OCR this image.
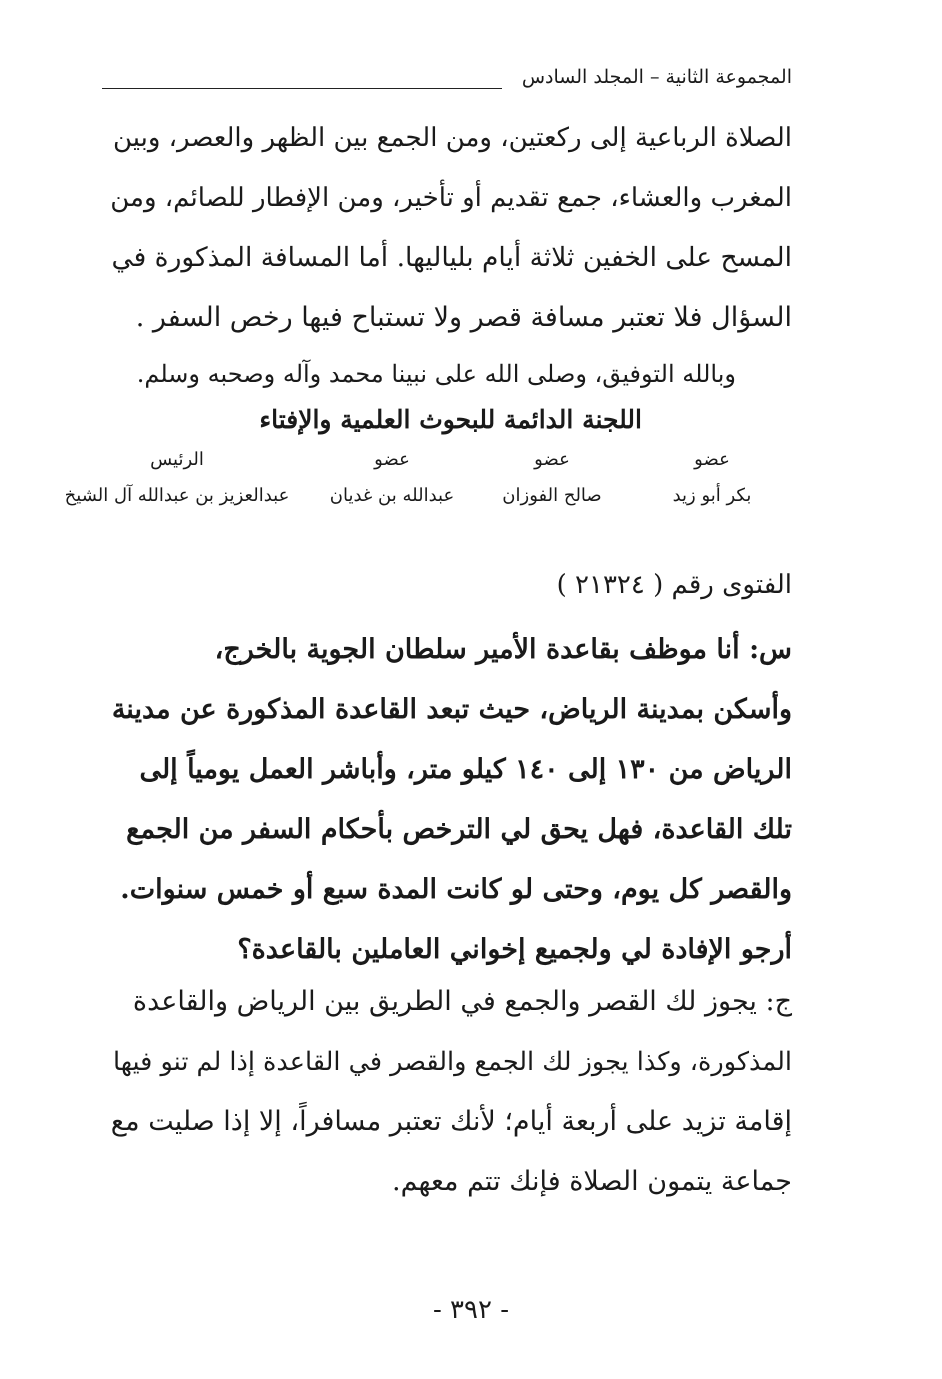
المجموعة الثانية – المجلد السادس
الصلاة الرباعية إلى ركعتين، ومن الجمع بين الظهر والعصر، وبين
المغرب والعشاء، جمع تقديم أو تأخير، ومن الإفطار للصائم، ومن
المسح على الخفين ثلاثة أيام بلياليها. أما المسافة المذكورة في
السؤال فلا تعتبر مسافة قصر ولا تستباح فيها رخص السفر .
وبالله التوفيق، وصلى الله على نبينا محمد وآله وصحبه وسلم.
اللجنة الدائمة للبحوث العلمية والإفتاء
عضو
بكر أبو زيد
عضو
صالح الفوزان
عضو
عبدالله بن غديان
الرئيس
عبدالعزيز بن عبدالله آل الشيخ
الفتوى رقم ( ٢١٣٢٤ )
س: أنا موظف بقاعدة الأمير سلطان الجوية بالخرج،
وأسكن بمدينة الرياض، حيث تبعد القاعدة المذكورة عن مدينة
الرياض من ١٣٠ إلى ١٤٠ كيلو متر، وأباشر العمل يومياً إلى
تلك القاعدة، فهل يحق لي الترخص بأحكام السفر من الجمع
والقصر كل يوم، وحتى لو كانت المدة سبع أو خمس سنوات.
أرجو الإفادة لي ولجميع إخواني العاملين بالقاعدة؟
ج: يجوز لك القصر والجمع في الطريق بين الرياض والقاعدة
المذكورة، وكذا يجوز لك الجمع والقصر في القاعدة إذا لم تنو فيها
إقامة تزيد على أربعة أيام؛ لأنك تعتبر مسافراً، إلا إذا صليت مع
جماعة يتمون الصلاة فإنك تتم معهم.
- ٣٩٢ -
